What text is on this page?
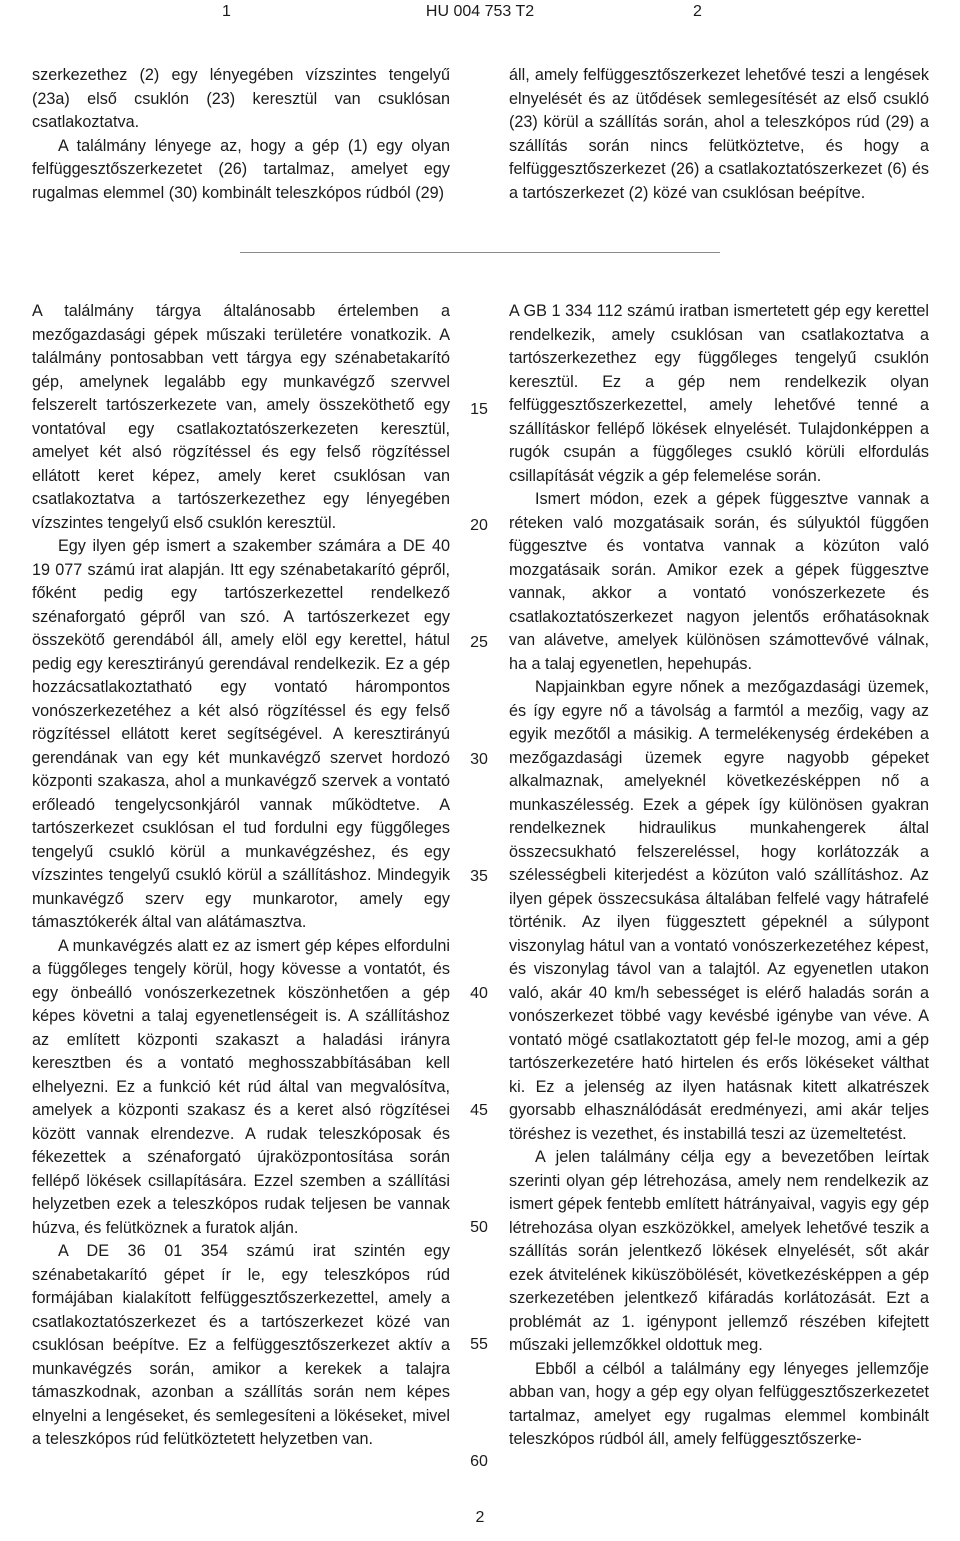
1	HU 004 753 T2	2

szerkezethez (2) egy lényegében vízszintes tengelyű (23a) első csuklón (23) keresztül van csuklósan csatlakoztatva.

A találmány lényege az, hogy a gép (1) egy olyan felfüggesztőszerkezetet (26) tartalmaz, amelyet egy rugalmas elemmel (30) kombinált teleszkópos rúdból (29)

áll, amely felfüggesztőszerkezet lehetővé teszi a lengések elnyelését és az ütődések semlegesítését az első csukló (23) körül a szállítás során, ahol a teleszkópos rúd (29) a szállítás során nincs felütköztetve, és hogy a felfüggesztőszerkezet (26) a csatlakoztatószerkezet (6) és a tartószerkezet (2) közé van csuklósan beépítve.

A találmány tárgya általánosabb értelemben a mezőgazdasági gépek műszaki területére vonatkozik. A találmány pontosabban vett tárgya egy szénabetakarító gép, amelynek legalább egy munkavégző szervvel felszerelt tartószerkezete van, amely összeköthető egy vontatóval egy csatlakoztatószerkezeten keresztül, amelyet két alsó rögzítéssel és egy felső rögzítéssel ellátott keret képez, amely keret csuklósan van csatlakoztatva a tartószerkezethez egy lényegében vízszintes tengelyű első csuklón keresztül.

Egy ilyen gép ismert a szakember számára a DE 40 19 077 számú irat alapján. Itt egy szénabetakarító gépről, főként pedig egy tartószerkezettel rendelkező szénaforgató gépről van szó. A tartószerkezet egy összekötő gerendából áll, amely elöl egy kerettel, hátul pedig egy keresztirányú gerendával rendelkezik. Ez a gép hozzácsatlakoztatható egy vontató hárompontos vonószerkezetéhez a két alsó rögzítéssel és egy felső rögzítéssel ellátott keret segítségével. A keresztirányú gerendának van egy két munkavégző szervet hordozó központi szakasza, ahol a munkavégző szervek a vontató erőleadó tengelycsonkjáról vannak működtetve. A tartószerkezet csuklósan el tud fordulni egy függőleges tengelyű csukló körül a munkavégzéshez, és egy vízszintes tengelyű csukló körül a szállításhoz. Mindegyik munkavégző szerv egy munkarotor, amely egy támasztókerék által van alátámasztva.

A munkavégzés alatt ez az ismert gép képes elfordulni a függőleges tengely körül, hogy kövesse a vontatót, és egy önbeálló vonószerkezetnek köszönhetően a gép képes követni a talaj egyenetlenségeit is. A szállításhoz az említett központi szakaszt a haladási irányra keresztben és a vontató meghosszabbításában kell elhelyezni. Ez a funkció két rúd által van megvalósítva, amelyek a központi szakasz és a keret alsó rögzítései között vannak elrendezve. A rudak teleszkóposak és fékezettek a szénaforgató újraközpontosítása során fellépő lökések csillapítására. Ezzel szemben a szállítási helyzetben ezek a teleszkópos rudak teljesen be vannak húzva, és felütköznek a furatok alján.

A DE 36 01 354 számú irat szintén egy szénabetakarító gépet ír le, egy teleszkópos rúd formájában kialakított felfüggesztőszerkezettel, amely a csatlakoztatószerkezet és a tartószerkezet közé van csuklósan beépítve. Ez a felfüggesztőszerkezet aktív a munkavégzés során, amikor a kerekek a talajra támaszkodnak, azonban a szállítás során nem képes elnyelni a lengéseket, és semlegesíteni a lökéseket, mivel a teleszkópos rúd felütköztetett helyzetben van.

A GB 1 334 112 számú iratban ismertetett gép egy kerettel rendelkezik, amely csuklósan van csatlakoztatva a tartószerkezethez egy függőleges tengelyű csuklón keresztül. Ez a gép nem rendelkezik olyan felfüggesztőszerkezettel, amely lehetővé tenné a szállításkor fellépő lökések elnyelését. Tulajdonképpen a rugók csupán a függőleges csukló körüli elfordulás csillapítását végzik a gép felemelése során.

Ismert módon, ezek a gépek függesztve vannak a réteken való mozgatásaik során, és súlyuktól függően függesztve és vontatva vannak a közúton való mozgatásaik során. Amikor ezek a gépek függesztve vannak, akkor a vontató vonószerkezete és csatlakoztatószerkezet nagyon jelentős erőhatásoknak van alávetve, amelyek különösen számottevővé válnak, ha a talaj egyenetlen, hepehupás.

Napjainkban egyre nőnek a mezőgazdasági üzemek, és így egyre nő a távolság a farmtól a mezőig, vagy az egyik mezőtől a másikig. A termelékenység érdekében a mezőgazdasági üzemek egyre nagyobb gépeket alkalmaznak, amelyeknél következésképpen nő a munkaszélesség. Ezek a gépek így különösen gyakran rendelkeznek hidraulikus munkahengerek által összecsukható felszereléssel, hogy korlátozzák a szélességbeli kiterjedést a közúton való szállításhoz. Az ilyen gépek összecsukása általában felfelé vagy hátrafelé történik. Az ilyen függesztett gépeknél a súlypont viszonylag hátul van a vontató vonószerkezetéhez képest, és viszonylag távol van a talajtól. Az egyenetlen utakon való, akár 40 km/h sebességet is elérő haladás során a vonószerkezet többé vagy kevésbé igénybe van véve. A vontató mögé csatlakoztatott gép fel-le mozog, ami a gép tartószerkezetére ható hirtelen és erős lökéseket válthat ki. Ez a jelenség az ilyen hatásnak kitett alkatrészek gyorsabb elhasználódását eredményezi, ami akár teljes töréshez is vezethet, és instabillá teszi az üzemeltetést.

A jelen találmány célja egy a bevezetőben leírtak szerinti olyan gép létrehozása, amely nem rendelkezik az ismert gépek fentebb említett hátrányaival, vagyis egy gép létrehozása olyan eszközökkel, amelyek lehetővé teszik a szállítás során jelentkező lökések elnyelését, sőt akár ezek átvitelének kiküszöbölését, következésképpen a gép szerkezetében jelentkező kifáradás korlátozását. Ezt a problémát az 1. igénypont jellemző részében kifejtett műszaki jellemzőkkel oldottuk meg.

Ebből a célból a találmány egy lényeges jellemzője abban van, hogy a gép egy olyan felfüggesztőszerkezetet tartalmaz, amelyet egy rugalmas elemmel kombinált teleszkópos rúdból áll, amely felfüggesztőszerke-

15
20
25
30
35
40
45
50
55
60
2
